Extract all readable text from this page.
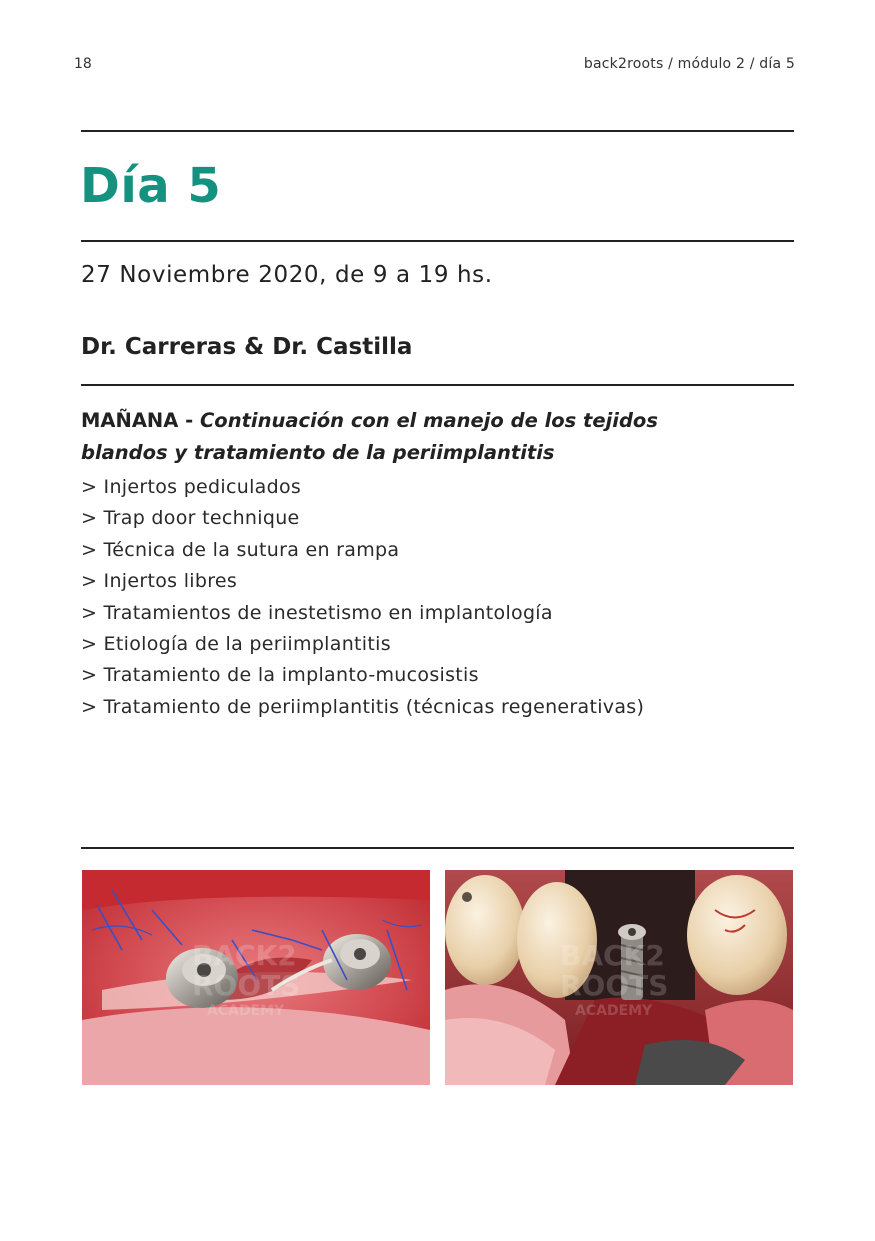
18	back2roots / módulo 2 / día 5
Día 5
27 Noviembre 2020, de 9 a 19 hs.
Dr. Carreras & Dr. Castilla
MAÑANA - Continuación con el manejo de los tejidos
blandos y tratamiento de la periimplantitis
> Injertos pediculados
> Trap door technique
> Técnica de la sutura en rampa
> Injertos libres
> Tratamientos de inestetismo en implantología
> Etiología de la periimplantitis
> Tratamiento de la implanto-mucosistis
> Tratamiento de periimplantitis (técnicas regenerativas)
BACK2
ROOTS
ACADEMY
BACK2
ROOTS
ACADEMY
